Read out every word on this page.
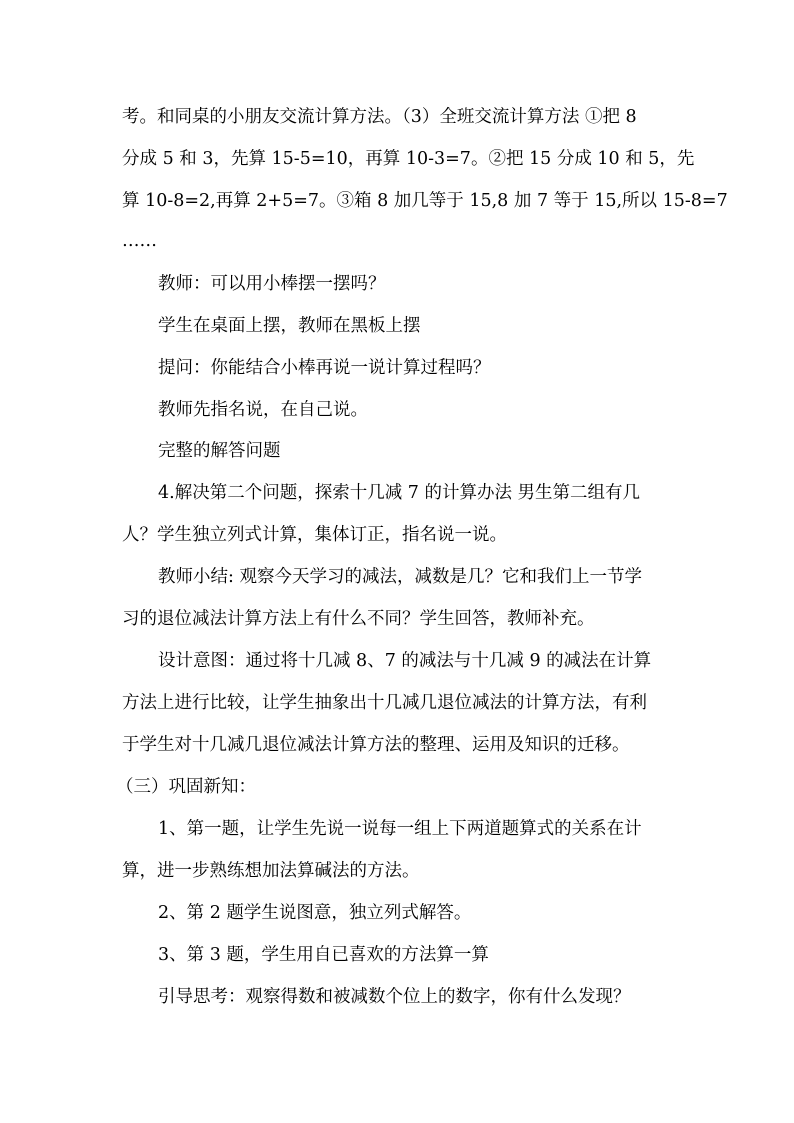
考。和同桌的小朋友交流计算方法。（3）全班交流计算方法 ①把 8
分成 5 和 3，先算 15-5=10，再算 10-3=7。②把 15 分成 10 和 5，先
算 10-8=2,再算 2+5=7。③箱 8 加几等于 15,8 加 7 等于 15,所以 15-8=7
……
教师：可以用小棒摆一摆吗？
学生在桌面上摆，教师在黑板上摆
提问：你能结合小棒再说一说计算过程吗？
教师先指名说，在自己说。
完整的解答问题
4.解决第二个问题，探索十几减 7 的计算办法 男生第二组有几
人？学生独立列式计算，集体订正，指名说一说。
教师小结: 观察今天学习的减法，减数是几？它和我们上一节学
习的退位减法计算方法上有什么不同？学生回答，教师补充。
设计意图：通过将十几减 8、7 的减法与十几减 9 的减法在计算
方法上进行比较，让学生抽象出十几减几退位减法的计算方法，有利
于学生对十几减几退位减法计算方法的整理、运用及知识的迁移。
（三）巩固新知：
1、第一题，让学生先说一说每一组上下两道题算式的关系在计
算，进一步熟练想加法算碱法的方法。
2、第 2 题学生说图意，独立列式解答。
3、第 3 题，学生用自已喜欢的方法算一算
引导思考：观察得数和被减数个位上的数字，你有什么发现？
